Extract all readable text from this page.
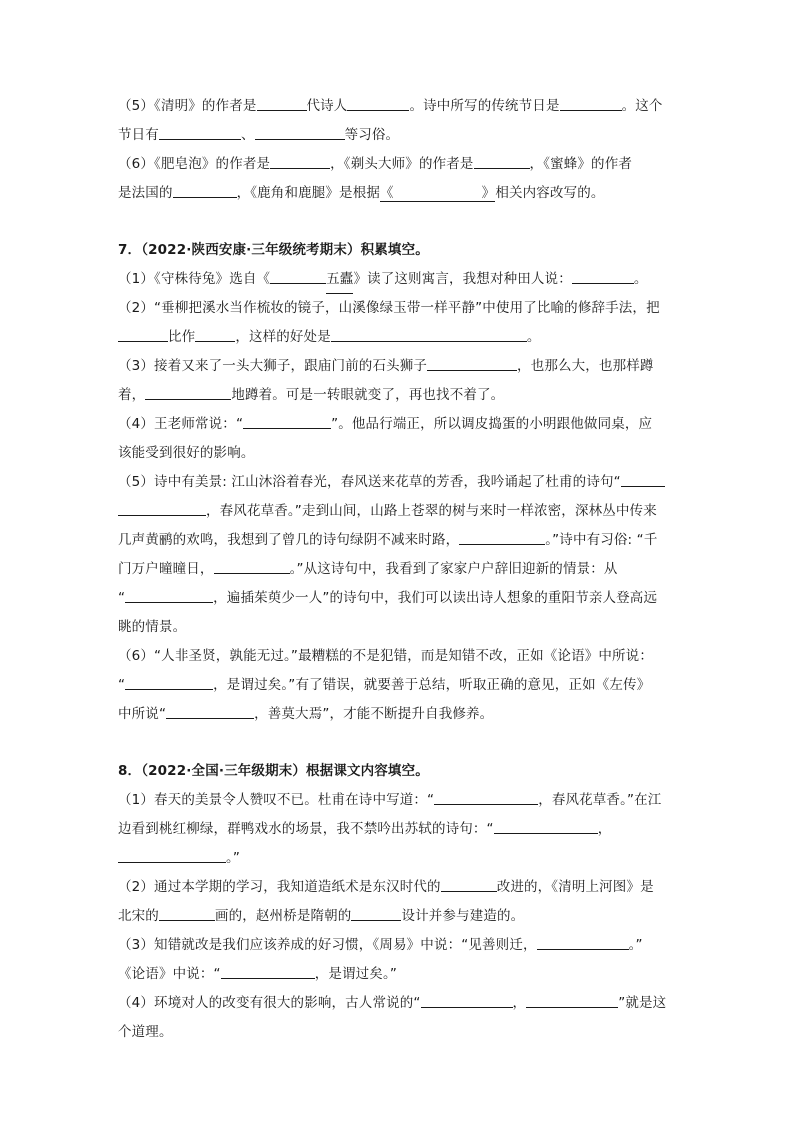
（5）《清明》的作者是	代诗人	。诗中所写的传统节日是	。这个
节日有	、	等习俗。
（6）《肥皂泡》的作者是	，《剃头大师》的作者是	，《蜜蜂》的作者
是法国的	，《鹿角和鹿腿》是根据《	》相关内容改写的。
7．（2022·陕西安康·三年级统考期末）积累填空。
（1）《守株待兔》选自《	五蠹》读了这则寓言，我想对种田人说：	。
（2）“垂柳把溪水当作梳妆的镜子，山溪像绿玉带一样平静”中使用了比喻的修辞手法，把
比作	，这样的好处是	。
（3）接着又来了一头大狮子，跟庙门前的石头狮子	，也那么大，也那样蹲
着，	地蹲着。可是一转眼就变了，再也找不着了。
（4）王老师常说：“	”。他品行端正，所以调皮捣蛋的小明跟他做同桌，应
该能受到很好的影响。
（5）诗中有美景: 江山沐浴着春光，春风送来花草的芳香，我吟诵起了杜甫的诗句“
，春风花草香。”走到山间，山路上苍翠的树与来时一样浓密，深林丛中传来
几声黄鹂的欢鸣，我想到了曾几的诗句绿阴不减来时路，	。”诗中有习俗: “千
门万户曈曈日，	。”从这诗句中，我看到了家家户户辞旧迎新的情景：从
“	，遍插茱萸少一人”的诗句中，我们可以读出诗人想象的重阳节亲人登高远
眺的情景。
（6）“人非圣贤，孰能无过。”最糟糕的不是犯错，而是知错不改，正如《论语》中所说：
“	，是谓过矣。”有了错误，就要善于总结，听取正确的意见，正如《左传》
中所说“	，善莫大焉”，才能不断提升自我修养。
8．（2022·全国·三年级期末）根据课文内容填空。
（1）春天的美景令人赞叹不已。杜甫在诗中写道：“	，春风花草香。”在江
边看到桃红柳绿，群鸭戏水的场景，我不禁吟出苏轼的诗句：“	，
。”
（2）通过本学期的学习，我知道造纸术是东汉时代的	改进的，《清明上河图》是
北宋的	画的，赵州桥是隋朝的	设计并参与建造的。
（3）知错就改是我们应该养成的好习惯，《周易》中说：“见善则迁，	。”
《论语》中说：“	，是谓过矣。”
（4）环境对人的改变有很大的影响，古人常说的“	，	”就是这
个道理。
